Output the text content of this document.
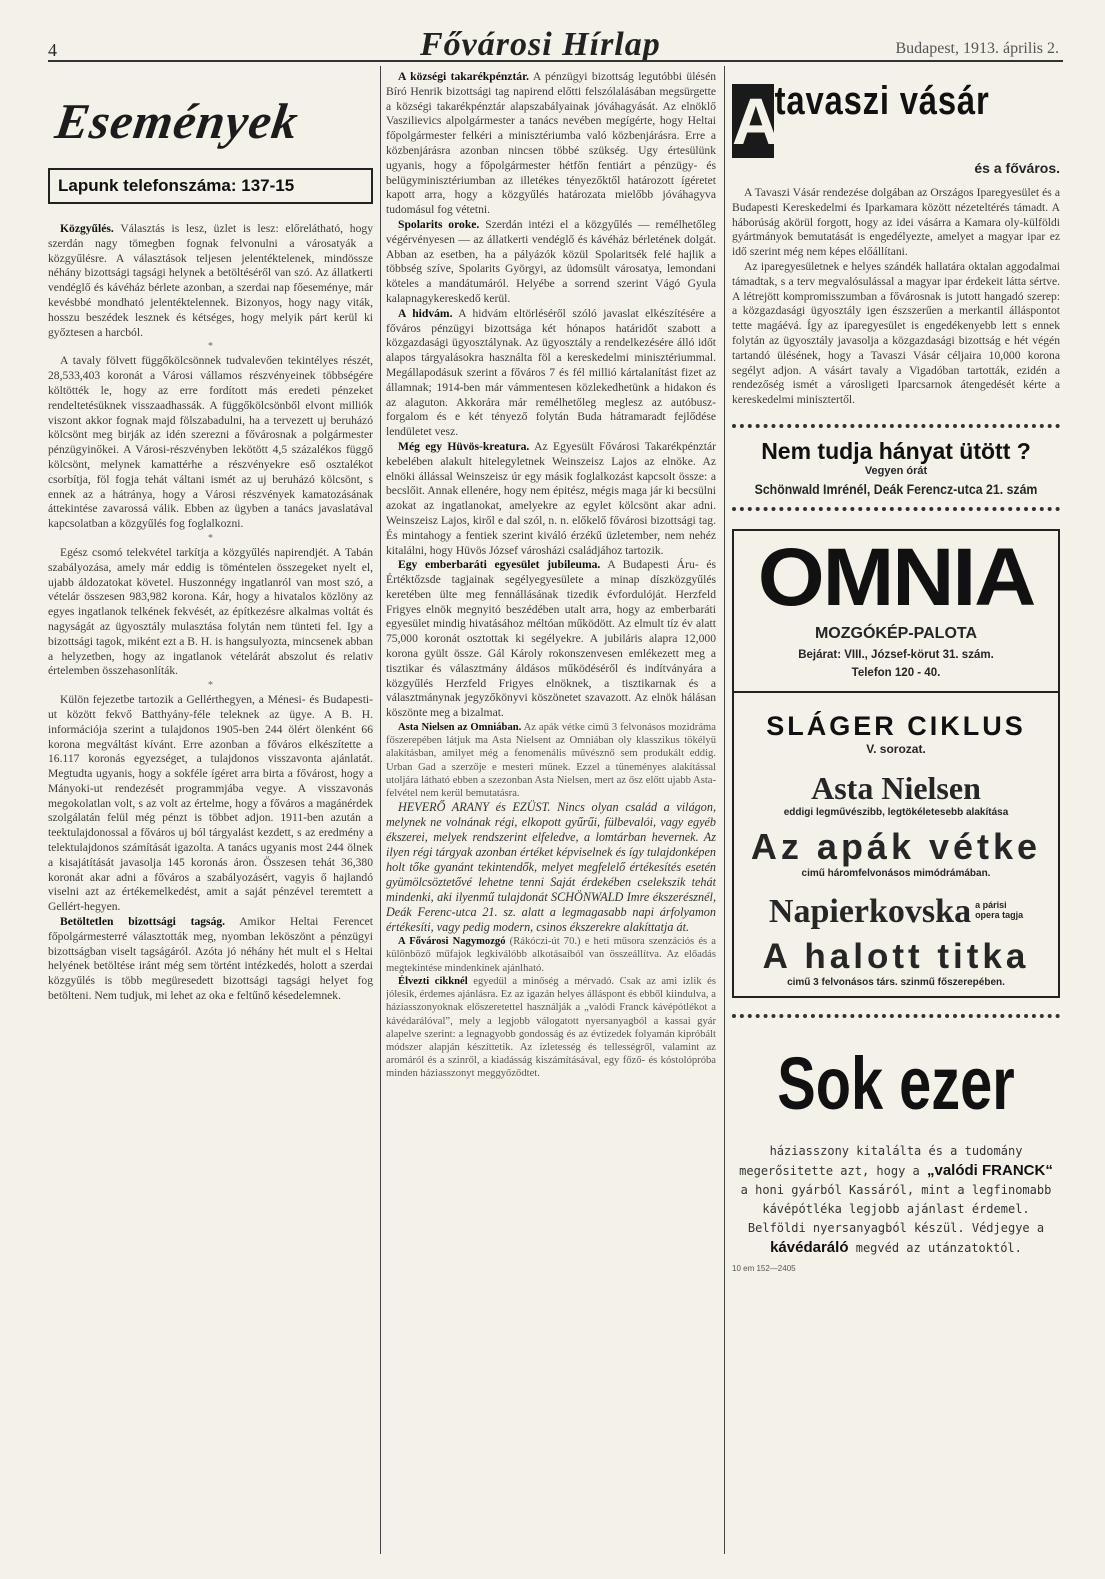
4	Fővárosi Hírlap	Budapest, 1913. április 2.
Események
Lapunk telefonszáma: 137-15

Közgyűlés. Választás is lesz, üzlet is lesz: előrelátható, hogy szerdán nagy tömegben fognak felvonulni a városatyák a közgyűlésre. A választások teljesen jelentéktelenek, mindössze néhány bizottsági tagsági helynek a betöltéséről van szó. Az állatkerti vendéglő és kávéház bérlete azonban, a szerdai nap főeseménye, már kevésbbé mondható jelentéktelennek. Bizonyos, hogy nagy viták, hosszu beszédek lesznek és kétséges, hogy melyik párt kerül ki győztesen a harcból.

*

A tavaly fölvett függőkölcsönnek tudvalevően tekintélyes részét, 28,533,403 koronát a Városi vállamos részvényeinek többségére költötték le, hogy az erre fordított más eredeti pénzeket rendeltetésüknek visszaadhassák. A függőkölcsönből elvont milliók viszont akkor fognak majd fölszabadulni, ha a tervezett uj beruházó kölcsönt meg birják az idén szerezni a fővárosnak a polgármester pénzügyinőkei. A Városi-részvényben lekötött 4,5 százalékos függő kölcsönt, melynek kamattérhe a részvényekre eső osztalékot csorbítja, föl fogja tehát váltani ismét az uj beruházó kölcsönt, s ennek az a hátránya, hogy a Városi részvények kamatozásának áttekintése zavarossá válik. Ebben az ügyben a tanács javaslatával kapcsolatban a közgyűlés fog foglalkozni.

*

Egész csomó telekvétel tarkítja a közgyűlés napirendjét. A Tabán szabályozása, amely már eddig is töméntelen összegeket nyelt el, ujabb áldozatokat követel. Huszonnégy ingatlanról van most szó, a vételár összesen 983,982 korona. Kár, hogy a hivatalos közlöny az egyes ingatlanok telkének fekvését, az építkezésre alkalmas voltát és nagyságát az ügyosztály mulasztása folytán nem tünteti fel. Igy a bizottsági tagok, miként ezt a B. H. is hangsulyozta, mincsenek abban a helyzetben, hogy az ingatlanok vételárát abszolut és relativ értelemben összehasonlíták.

*

Külön fejezetbe tartozik a Gellérthegyen, a Ménesi- és Budapesti-ut között fekvő Batthyány-féle teleknek az ügye. A B. H. információja szerint a tulajdonos 1905-ben 244 ölért ölenként 66 korona megváltást kívánt. Erre azonban a főváros elkészítette a 16.117 koronás egyezséget, a tulajdonos visszavonta ajánlatát. Megtudta ugyanis, hogy a sokféle ígéret arra birta a fővárost, hogy a Mányoki-ut rendezését programmjába vegye. A visszavonás megokolatlan volt, s az volt az értelme, hogy a főváros a magánérdek szolgálatán felül még pénzt is többet adjon. 1911-ben azután a teektulajdonossal a főváros uj ból tárgyalást kezdett, s az eredmény a telektulajdonos számítását igazolta. A tanács ugyanis most 244 ölnek a kisajátítását javasolja 145 koronás áron. Összesen tehát 36,380 koronát akar adni a főváros a szabályozásért, vagyis ő hajlandó viselni azt az értékemelkedést, amit a saját pénzével teremtett a Gellért-hegyen.

Betöltetlen bizottsági tagság. Amikor Heltai Ferencet főpolgármesterré választották meg, nyomban leköszönt a pénzügyi bizottságban viselt tagságáról. Azóta jó néhány hét mult el s Heltai helyének betöltése iránt még sem történt intézkedés, holott a szerdai közgyűlés is több megüresedett bizottsági tagsági helyet fog betölteni. Nem tudjuk, mi lehet az oka e feltűnő késedelemnek.

A községi takarékpénztár. A pénzügyi bizottság legutóbbi ülésén Bíró Henrik bizottsági tag napirend előtti felszólalásában megsürgette a községi takarékpénztár alapszabályainak jóváhagyását. Az elnöklő Vaszilievics alpolgármester a tanács nevében megígérte, hogy Heltai főpolgármester felkéri a minisztériumba való közbenjárásra. Erre a közbenjárásra azonban nincsen többé szükség. Ugy értesülünk ugyanis, hogy a főpolgármester hétfőn fentiárt a pénzügy- és belügyminisztériumban az illetékes tényezőktől határozott ígéretet kapott arra, hogy a közgyűlés határozata mielőbb jóváhagyva tudomásul fog vétetni.

Spolarits oroke. Szerdán intézi el a közgyűlés — remélhetőleg végérvényesen — az állatkerti vendéglő és kávéház bérletének dolgát. Abban az esetben, ha a pályázók közül Spolaritsék felé hajlik a többség szíve, Spolarits Györgyi, az üdomsült városatya, lemondani köteles a mandátumáról. Helyébe a sorrend szerint Vágó Gyula kalapnagykereskedő kerül.

A hidvám. A hidvám eltörléséről szóló javaslat elkészítésére a főváros pénzügyi bizottsága két hónapos határidőt szabott a közgazdasági ügyosztálynak. Az ügyosztály a rendelkezésére álló időt alapos tárgyalásokra használta föl a kereskedelmi minisztériummal. Megállapodásuk szerint a főváros 7 és fél millió kártalanítást fizet az államnak; 1914-ben már vámmentesen közlekedhetünk a hidakon és az alaguton. Akkorára már remélhetőleg meglesz az autóbusz-forgalom és e két tényező folytán Buda hátramaradt fejlődése lendületet vesz.

Még egy Hüvös-kreatura. Az Egyesült Fővárosi Takarékpénztár kebelében alakult hitelegyletnek Weinszeisz Lajos az elnöke. Az elnöki állással Weinszeisz úr egy másik foglalkozást kapcsolt össze: a becslőit. Annak ellenére, hogy nem épitész, mégis maga jár ki becsülni azokat az ingatlanokat, amelyekre az egylet kölcsönt akar adni. Weinszeisz Lajos, kiről e dal szól, n. n. előkelő fővárosi bizottsági tag. És mintahogy a fentiek szerint kiváló érzékű üzletember, nem nehéz kitalálni, hogy Hüvös József városházi családjához tartozik.

Egy emberbaráti egyesület jubileuma. A Budapesti Áru- és Értéktőzsde tagjainak segélyegyesülete a minap díszközgyűlés keretében ülte meg fennállásának tizedik évfordulóját. Herzfeld Frigyes elnök megnyitó beszédében utalt arra, hogy az emberbaráti egyesület mindig hivatásához méltóan működött. Az elmult tíz év alatt 75,000 koronát osztottak ki segélyekre. A jubiláris alapra 12,000 korona gyült össze. Gál Károly rokonszenvesen emlékezett meg a tisztikar és választmány áldásos működéséről és indítványára a közgyűlés Herzfeld Frigyes elnöknek, a tisztikarnak és a választmánynak jegyzőkönyvi köszönetet szavazott. Az elnök hálásan köszönte meg a bizalmat.

Asta Nielsen az Omniában. Az apák vétke cimű 3 felvonásos mozidráma főszerepében látjuk ma Asta Nielsent az Omniában oly klasszikus tökélyű alakításban, amilyet még a fenomenális művésznő sem produkált eddig. Urban Gad a szerzője e mesteri műnek. Ezzel a tüneményes alakítással utoljára látható ebben a szezonban Asta Nielsen, mert az ősz előtt ujabb Asta-felvétel nem kerül bemutatásra.

HEVERŐ ARANY és EZÜST. Nincs olyan család a világon, melynek ne volnának régi, elkopott gyűrűi, fülbevalói, vagy egyéb ékszerei, melyek rendszerint elfeledve, a lomtárban hevernek. Az ilyen régi tárgyak azonban értéket képviselnek és így tulajdonképen holt tőke gyanánt tekintendők, melyet megfelelő értékesítés esetén gyümölcsöztetővé lehetne tenni Saját érdekében cselekszik tehát mindenki, aki ilyenmű tulajdonát SCHÖNWALD Imre ékszerésznél, Deák Ferenc-utca 21. sz. alatt a legmagasabb napi árfolyamon értékesíti, vagy pedig modern, csinos ékszerekre alakíttatja át.

A Fővárosi Nagymozgó (Rákóczi-út 70.) e heti műsora szenzációs és a különböző műfajok legkiválóbb alkotásaiból van összeállítva. Az előadás megtekintése mindenkinek ajánlható.

Élvezti cikknél egyedül a minőség a mérvadó. Csak az ami izlik és jólesik, érdemes ajánlásra. Ez az igazán helyes álláspont és ebből kiindulva, a háziasszonyoknak előszeretettel használják a „valódi Franck kávépótlékot a kávédarálóval”, mely a legjobb válogatott nyersanyagból a kassai gyár alapelve szerint: a legnagyobb gondosság és az évtizedek folyamán kipróbált módszer alapján készíttetik. Az ízletesség és tellességről, valamint az aromáról és a szinről, a kiadásság kiszámításával, egy főző- és kóstolópróba minden háziasszonyt meggyőződtet.

A
tavaszi vásár
és a főváros.

A Tavaszi Vásár rendezése dolgában az Országos Iparegyesület és a Budapesti Kereskedelmi és Iparkamara között nézeteltérés támadt. A háborúság akörül forgott, hogy az idei vásárra a Kamara oly-külföldi gyártmányok bemutatását is engedélyezte, amelyet a magyar ipar ez idő szerint még nem képes előállítani.

Az iparegyesületnek e helyes szándék hallatára oktalan aggodalmai támadtak, s a terv megvalósulással a magyar ipar érdekeit látta sértve. A létrejött kompromisszumban a fővárosnak is jutott hangadó szerep: a közgazdasági ügyosztály igen észszerűen a merkantil álláspontot tette magáévá. Így az iparegyesület is engedékenyebb lett s ennek folytán az ügyosztály javasolja a közgazdasági bizottság e hét végén tartandó ülésének, hogy a Tavaszi Vásár céljaira 10,000 korona segélyt adjon. A vásárt tavaly a Vigadóban tartották, ezidén a rendezőség ismét a városligeti Iparcsarnok átengedését kérte a kereskedelmi minisztertől.

Nem tudja hányat ütött ?
Vegyen órát
Schönwald Imrénél, Deák Ferencz-utca 21. szám
OMNIA
MOZGÓKÉP-PALOTA
Bejárat: VIII., József-körut 31. szám.
Telefon 120 - 40.
SLÁGER CIKLUS
V. sorozat.
Asta Nielsen
eddigi legművészibb, legtökéletesebb alakítása
Az apák vétke
cimű háromfelvonásos mimódrámában.
Napierkovska a párisi
opera tagja
A halott titka
cimű 3 felvonásos társ. szinmű főszerepében.
Sok ezer
háziasszony kitalálta és a tudomány megerősitette azt, hogy a „valódi FRANCK“ a honi gyárból Kassáról, mint a legfinomabb kávépótléka legjobb ajánlast érdemel. Belföldi nyersanyagból készül. Védjegye a kávédaráló megvéd az utánzatoktól.
10 em 152—2405
